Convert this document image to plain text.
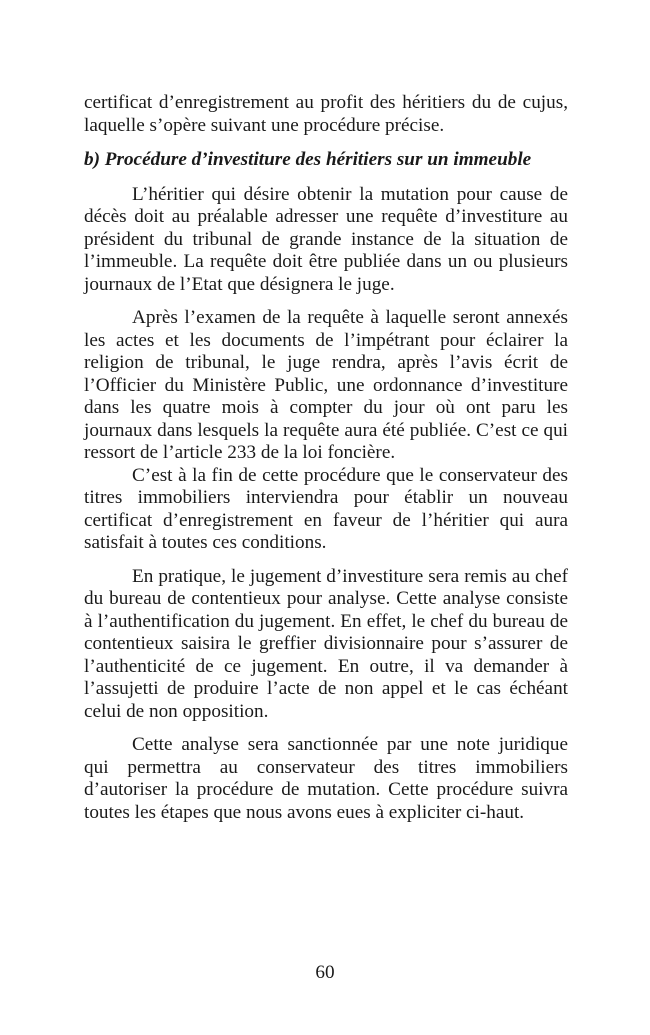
certificat d’enregistrement au profit des héritiers du de cujus, laquelle s’opère suivant une procédure précise.

b) Procédure d’investiture des héritiers sur un immeuble

L’héritier qui désire obtenir la mutation pour cause de décès doit au préalable adresser une requête d’investiture au président du tribunal de grande instance de la situation de l’immeuble. La requête doit être publiée dans un ou plusieurs journaux de l’Etat que désignera le juge.

Après l’examen de la requête à laquelle seront annexés les actes et les documents de l’impétrant pour éclairer la religion de tribunal, le juge rendra, après l’avis écrit de l’Officier du Ministère Public, une ordonnance d’investiture dans les quatre mois à compter du jour où ont paru les journaux dans lesquels la requête aura été publiée. C’est ce qui ressort de l’article 233 de la loi foncière.

C’est à la fin de cette procédure que le conservateur des titres immobiliers interviendra pour établir un nouveau certificat d’enregistrement en faveur de l’héritier qui aura satisfait à toutes ces conditions.

En pratique, le jugement d’investiture sera remis au chef du bureau de contentieux pour analyse. Cette analyse consiste à l’authentification du jugement. En effet, le chef du bureau de contentieux saisira le greffier divisionnaire pour s’assurer de l’authenticité de ce jugement. En outre, il va demander à l’assujetti de produire l’acte de non appel et le cas échéant celui de non opposition.

Cette analyse sera sanctionnée par une note juridique qui permettra au conservateur des titres immobiliers d’autoriser la procédure de mutation. Cette procédure suivra toutes les étapes que nous avons eues à expliciter ci-haut.

60
